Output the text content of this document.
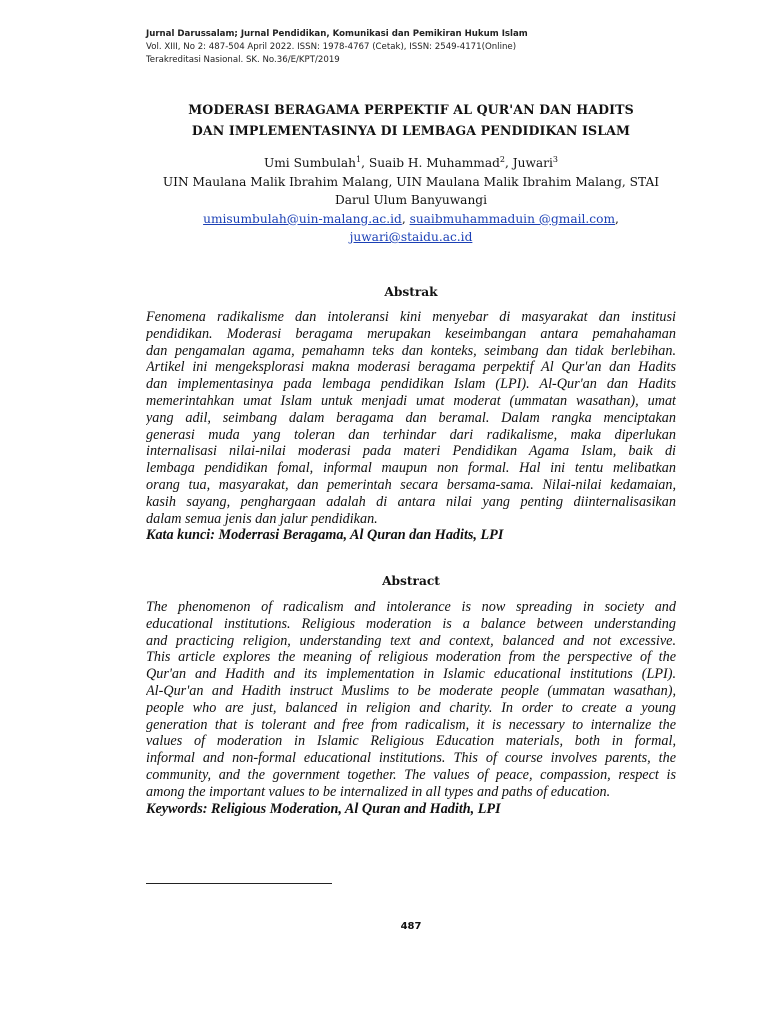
Jurnal Darussalam; Jurnal Pendidikan, Komunikasi dan Pemikiran Hukum Islam
Vol. XIII, No 2: 487-504 April 2022. ISSN: 1978-4767 (Cetak), ISSN: 2549-4171(Online)
Terakreditasi Nasional. SK. No.36/E/KPT/2019
MODERASI BERAGAMA PERPEKTIF AL QUR'AN DAN HADITS
DAN IMPLEMENTASINYA DI LEMBAGA PENDIDIKAN ISLAM
Umi Sumbulah$^1$, Suaib H. Muhammad$^2$, Juwari$^3$
UIN Maulana Malik Ibrahim Malang, UIN Maulana Malik Ibrahim Malang, STAI
Darul Ulum Banyuwangi
umisumbulah@uin-malang.ac.id, suaibmuhammaduin @gmail.com,
juwari@staidu.ac.id
Abstrak
Fenomena radikalisme dan intoleransi kini menyebar di masyarakat dan institusi
pendidikan. Moderasi beragama merupakan keseimbangan antara pemahahaman
dan pengamalan agama, pemahamn teks dan konteks, seimbang dan tidak berlebihan.
Artikel ini mengeksplorasi makna moderasi beragama perpektif Al Qur'an dan Hadits
dan implementasinya pada lembaga pendidikan Islam (LPI). Al-Qur'an dan Hadits
memerintahkan umat Islam untuk menjadi umat moderat (ummatan wasathan), umat
yang adil, seimbang dalam beragama dan beramal. Dalam rangka menciptakan
generasi muda yang toleran dan terhindar dari radikalisme, maka diperlukan
internalisasi nilai-nilai moderasi pada materi Pendidikan Agama Islam, baik di
lembaga pendidikan fomal, informal maupun non formal. Hal ini tentu melibatkan
orang tua, masyarakat, dan pemerintah secara bersama-sama. Nilai-nilai kedamaian,
kasih sayang, penghargaan adalah di antara nilai yang penting diinternalisasikan
dalam semua jenis dan jalur pendidikan.
Kata kunci: Moderrasi Beragama, Al Quran dan Hadits, LPI
Abstract
The phenomenon of radicalism and intolerance is now spreading in society and
educational institutions. Religious moderation is a balance between understanding
and practicing religion, understanding text and context, balanced and not excessive.
This article explores the meaning of religious moderation from the perspective of the
Qur'an and Hadith and its implementation in Islamic educational institutions (LPI).
Al-Qur'an and Hadith instruct Muslims to be moderate people (ummatan wasathan),
people who are just, balanced in religion and charity. In order to create a young
generation that is tolerant and free from radicalism, it is necessary to internalize the
values of moderation in Islamic Religious Education materials, both in formal,
informal and non-formal educational institutions. This of course involves parents, the
community, and the government together. The values of peace, compassion, respect is
among the important values to be internalized in all types and paths of education.
Keywords: Religious Moderation, Al Quran and Hadith, LPI
487
